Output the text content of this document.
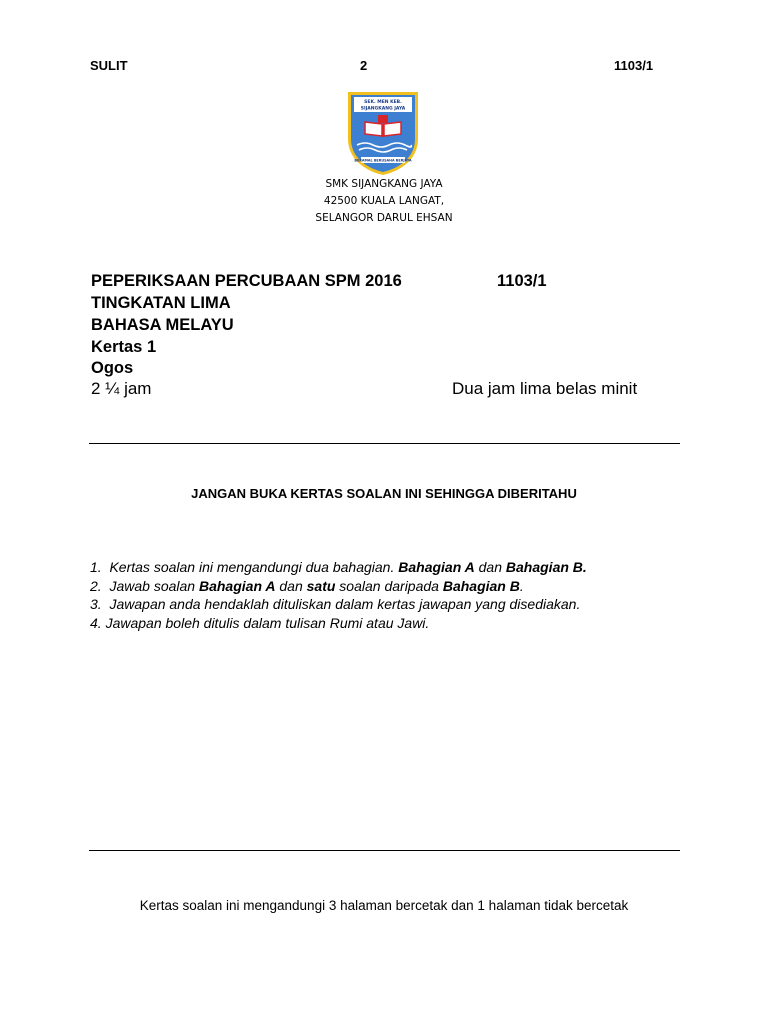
SULIT	2	1103/1
SEK. MEN KEB.
SIJANGKANG JAYA
BERAMAL BERUSAHA BERJAYA
SMK SIJANGKANG JAYA
42500 KUALA LANGAT,
SELANGOR DARUL EHSAN
PEPERIKSAAN PERCUBAAN SPM 2016	1103/1
TINGKATAN LIMA
BAHASA MELAYU
Kertas 1
Ogos
2 ¼ jam	Dua jam lima belas minit
JANGAN BUKA KERTAS SOALAN INI SEHINGGA DIBERITAHU
1. Kertas soalan ini mengandungi dua bahagian. Bahagian A dan Bahagian B.
2. Jawab soalan Bahagian A dan satu soalan daripada Bahagian B.
3. Jawapan anda hendaklah dituliskan dalam kertas jawapan yang disediakan.
4. Jawapan boleh ditulis dalam tulisan Rumi atau Jawi.
Kertas soalan ini mengandungi 3 halaman bercetak dan 1 halaman tidak bercetak
